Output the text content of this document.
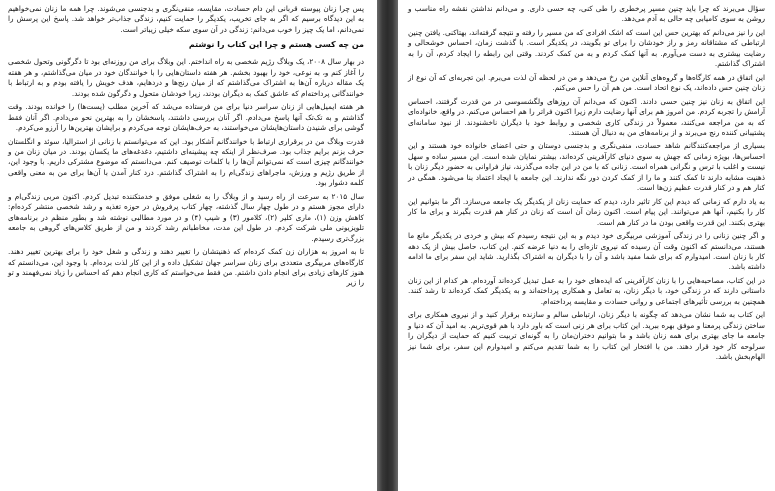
پس چرا زنان پیوسته قربانی این دام حسادت، مقایسه، منفی‌نگری و بدجنسی می‌شوند. چرا همه ما زنان نمی‌خواهیم به این دیدگاه برسیم که اگر به جای تخریب، یکدیگر را حمایت کنیم، زندگی جذاب‌تر خواهد شد. پاسخ این پرسش را نمی‌دانم، اما یک چیز را خوب می‌دانم: زندگی در آن سوی سکه خیلی زیباتر است.

من چه کسی هستم و چرا این کتاب را نوشتم

در بهار سال ۲۰۰۸، یک وبلاگ رژیم شخصی به راه انداختم. این وبلاگ برای من روزنه‌ای بود تا دگرگونی وتحول شخصی را آغاز کنم و، به نوعی، خود را بهبود بخشم. هر هفته داستان‌هایی را با خوانندگان خود در میان می‌گذاشتم، و هر هفته یک مقاله درباره آن‌ها به اشتراک می‌گذاشتم که از میان رنج‌ها و دردهایم، هدف خویش را یافته بودم و به ارتباط با خوانندگانی پرداخته‌ام که عاشق کمک به دیگران بودند، زیرا خودشان متحول و دگرگون شده بودند.

هر هفته ایمیل‌هایی از زنان سراسر دنیا برای من فرستاده می‌شد که آخرین مطلب (پست‌ها) را خوانده بودند. وقت گذاشتم و به تک‌تک آنها پاسخ می‌دادم. اگر آنان بررسی داشتند، پاسخشان را به بهترین نحو می‌دادم. اگر آنان فقط گوشی برای شنیدن داستان‌هایشان می‌خواستند، به حرف‌هایشان توجه می‌کردم و برایشان بهترین‌ها را آرزو می‌کردم.

قدرت وبلاگ من در برقراری ارتباط با خوانندگانم آشکار بود. این که می‌توانستم با زنانی از استرالیا، سوئد و انگلستان حرف بزنم برایم جذاب بود. صرف‌نظر از اینکه چه پیشینه‌ای داشتیم، دغدغه‌های ما یکسان بودند. در میان زنان من و خوانندگانم چیزی است که نمی‌توانم آن‌ها را با کلمات توصیف کنم. می‌دانستم که موضوع مشترکی داریم. با وجود این، از طریق رژیم و ورزش، ماجراهای زندگی‌ام را به اشتراک گذاشتم. درد کنار آمدن با آن‌ها برای من به معنی واقعی کلمه دشوار بود.

سال ۲۰۱۵ به سرعت از راه رسید و از وبلاگ را به شغلی موفق و خدمتکننده تبدیل کردم. اکنون مربی زندگی‌ام و دارای مجوز هستم و در طول چهار سال گذشته، چهار کتاب پرفروش در حوزه تغذیه و رشد شخصی منتشر کرده‌ام: کاهش وزن (۱)، ماری کلیر (۲)، کلامور (۳) و شیپ (۴) و در مورد مطالبی نوشته شد و بطور منظم در برنامه‌های تلویزیونی ملی شرکت کردم. در طول این مدت، مخاطبانم رشد کردند و من از طریق کلاس‌های گروهی به جامعه بزرگ‌تری رسیدم.

تا به امروز به هزاران زن کمک کرده‌ام که ذهنیتشان را تغییر دهند و زندگی و شغل خود را برای بهترین تغییر دهند. کارگاه‌های مربیگری متعددی برای زنان سراسر جهان تشکیل داده و از این کار لذت برده‌ام. با وجود این، می‌دانستم که هنوز کارهای زیادی برای انجام دادن داشتم. من فقط می‌خواستم که کاری انجام دهم که احساس را زیاد نمی‌فهمند و تو را زیر

سؤال می‌برند که چرا باید چنین مسیر پرخطری را طی کنی، چه حسی داری. و می‌دانم نداشتن نقشه راه مناسب و روشن به سوی کامیابی چه حالی به آدم می‌دهد.

این را نیز می‌دانم که بهترین حس این است که اشک افرادی که من مسیر را رفته و نتیجه گرفته‌اند، بهتاکنی. یافتن چنین ارتباطی که مشتاقانه رمز و راز خودشان را برای تو بگویند، در یکدیگر است. با گذشت زمان، احساس خوشحالی و رضایت بیشتری به دست می‌آورم. به آنها کمک کردم و به من کمک کردند. وقتی این رابطه را ایجاد کردم، آن را به اشتراک گذاشتم.

این اتفاق در همه کارگاه‌ها و گروه‌های آنلاین من رخ می‌دهد و من در لحظه آن لذت می‌برم. این تجربه‌ای که آن نوع از زنان چنین حس داده‌اند، یک نوع اتحاد است. من هم آن را حس می‌کنم.

این اتفاق به زنان نیز چنین حسی دادند. اکنون که می‌دانم آن روزهای ولگشسوسی در من قدرت گرفتند، احساس آرامش را تجربه کردم. من امروز هم برای آنها رضایت دارم زیرا اکنون فراتر را هم احساس می‌کنم. در واقع، خانواده‌ای که به من مراجعه می‌کنند، معمولاً در زندگی کاری شخصی و روابط خود با دیگران ناخشنودند. از نبود سامانه‌ای پشتیبانی کننده رنج می‌برند و از برنامه‌های من به دنبال آن هستند.

بسیاری از مراجعه‌کنندگانم شاهد حسادت، منفی‌نگری و بدجنسی دوستان و حتی اعضای خانواده خود هستند و این احساس‌ها، بویژه زمانی که جهش به سوی دنیای کارآفرینی کرده‌اند، بیشتر نمایان شده است. این مسیر ساده و سهل نیست و اغلب با ترس و نگرانی همراه است. زنانی که با من در این جاده می‌گذرند، نیاز فراوانی به حضور دیگر زنان با ذهنیت مشابه دارند تا کمک کنند و ما را از کمک کردن دور نگه ندارند. این جامعه با ایجاد اعتماد بنا می‌شود. همگی در کنار هم و در کنار قدرت عظیم زن‌ها است.

به یاد دارم که زمانی که دیدم این کار تاثیر دارد، دیدم که حمایت زنان از یکدیگر یک جامعه می‌سازد. اگر ما بتوانیم این کار را بکنیم، آنها هم می‌توانند. این پیام است. اکنون زمان آن است که زنان در کنار هم قدرت بگیرند و برای ما کار بهتری بکنند. این قدرت واقعی بودن ما در کنار هم است.

و اگر چنین زنانی را در زندگی آموزشی مربیگری خود دیدم و به این نتیجه رسیدم که بیش و خردی در یکدیگر مانع ما هستند، می‌دانستم که اکنون وقت آن رسیده که نیروی تازه‌ای را به دنیا عرضه کنم. این کتاب، حاصل بیش از یک دهه کار با زنان است. امیدوارم که برای شما مفید باشد و آن را با دیگران به اشتراک بگذارید. شاید این سفر برای ما ادامه داشته باشد.

در این کتاب، مصاحبه‌هایی را با زنان کارآفرینی که ایده‌های خود را به عمل تبدیل کرده‌اند آورده‌ام. هر کدام از این زنان داستانی دارند که در زندگی خود، با دیگر زنان، به تعامل و همکاری پرداخته‌اند و به یکدیگر کمک کرده‌اند تا رشد کنند. همچنین به بررسی تأثیرهای اجتماعی و روانی حسادت و مقایسه پرداخته‌ام.

این کتاب به شما نشان می‌دهد که چگونه با دیگر زنان، ارتباطی سالم و سازنده برقرار کنید و از نیروی همکاری برای ساختن زندگی پرمعنا و موفق بهره ببرید. این کتاب برای هر زنی است که باور دارد با هم قوی‌تریم. به امید آن که دنیا و جامعه ما جای بهتری برای همه زنان باشد و ما بتوانیم دختران‌مان را به گونه‌ای تربیت کنیم که حمایت از دیگران را سرلوحه کار خود قرار دهند. من با افتخار این کتاب را به شما تقدیم می‌کنم و امیدوارم این سفر، برای شما نیز الهام‌بخش باشد.
